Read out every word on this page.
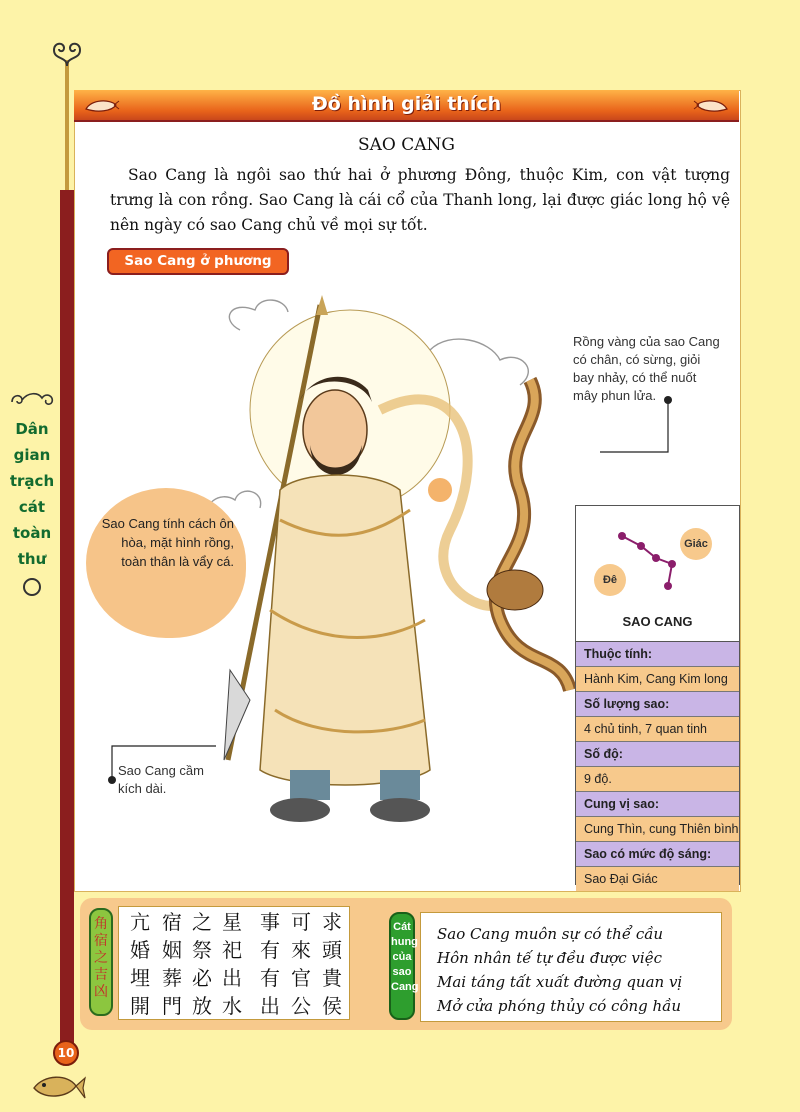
Dân
gian
trạch
cát
toàn
thư
Đồ hình giải thích
SAO CANG
Sao Cang là ngôi sao thứ hai ở phương Đông, thuộc Kim, con vật tượng trưng là con rồng. Sao Cang là cái cổ của Thanh long, lại được giác long hộ vệ nên ngày có sao Cang chủ về mọi sự tốt.
Sao Cang ở phương Đông
Rồng vàng của sao Cang có chân, có sừng, giỏi bay nhảy, có thể nuốt mây phun lửa.
Sao Cang tính cách ôn hòa, mặt hình rồng, toàn thân là vẩy cá.
Sao Cang cầm kích dài.
Đê
Giác
SAO CANG
Thuộc tính:
Hành Kim, Cang Kim long
Số lượng sao:
4 chủ tinh, 7 quan tinh
Số độ:
9 độ.
Cung vị sao:
Cung Thìn, cung Thiên bình
Sao có mức độ sáng:
Sao Đại Giác
角
宿
之
吉
凶
求
頭
貴
侯
可
來
官
公
事
有
有
出
星
祀
出
水
之
祭
必
放
宿
姻
葬
門
亢
婚
埋
開
Cát
hung
của
sao
Cang
Sao Cang muôn sự có thể cầu
Hôn nhân tế tự đều được việc
Mai táng tất xuất đường quan vị
Mở cửa phóng thủy có công hầu
10
